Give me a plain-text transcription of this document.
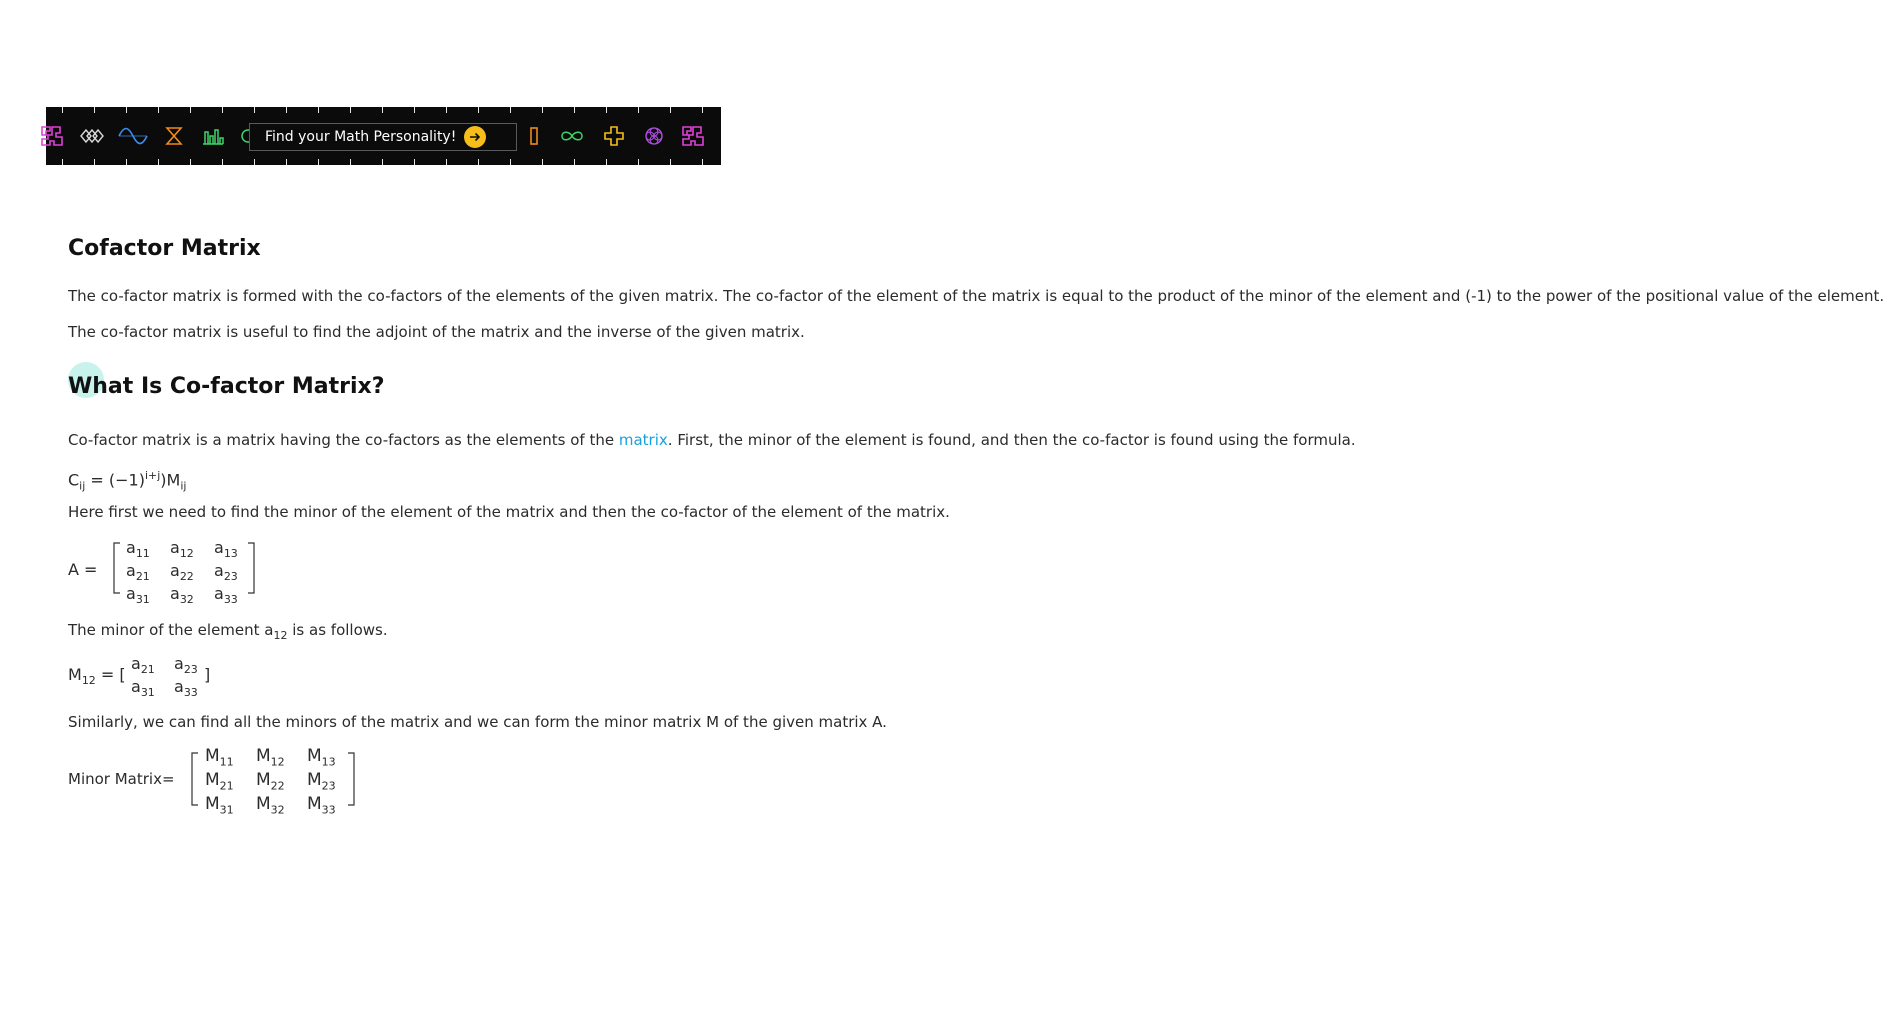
Find your Math Personality!
Cofactor Matrix
The co-factor matrix is formed with the co-factors of the elements of the given matrix. The co-factor of the element of the matrix is equal to the product of the minor of the element and (-1) to the power of the positional value of the element.
The co-factor matrix is useful to find the adjoint of the matrix and the inverse of the given matrix.
What Is Co-factor Matrix?
Co-factor matrix is a matrix having the co-factors as the elements of the matrix. First, the minor of the element is found, and then the co-factor is found using the formula.
$C_{ij} = (-1)^{i+j})M_{ij}$
Here first we need to find the minor of the element of the matrix and then the co-factor of the element of the matrix.
A =
$a_{11}$ $a_{12}$ $a_{13}$
$a_{21}$ $a_{22}$ $a_{23}$
$a_{31}$ $a_{32}$ $a_{33}$
The minor of the element $a_{12}$ is as follows.
$M_{12}$ = [	]
$a_{21}$ $a_{23}$
$a_{31}$ $a_{33}$
Similarly, we can find all the minors of the matrix and we can form the minor matrix M of the given matrix A.
Minor Matrix=
$M_{11}$ $M_{12}$ $M_{13}$
$M_{21}$ $M_{22}$ $M_{23}$
$M_{31}$ $M_{32}$ $M_{33}$
